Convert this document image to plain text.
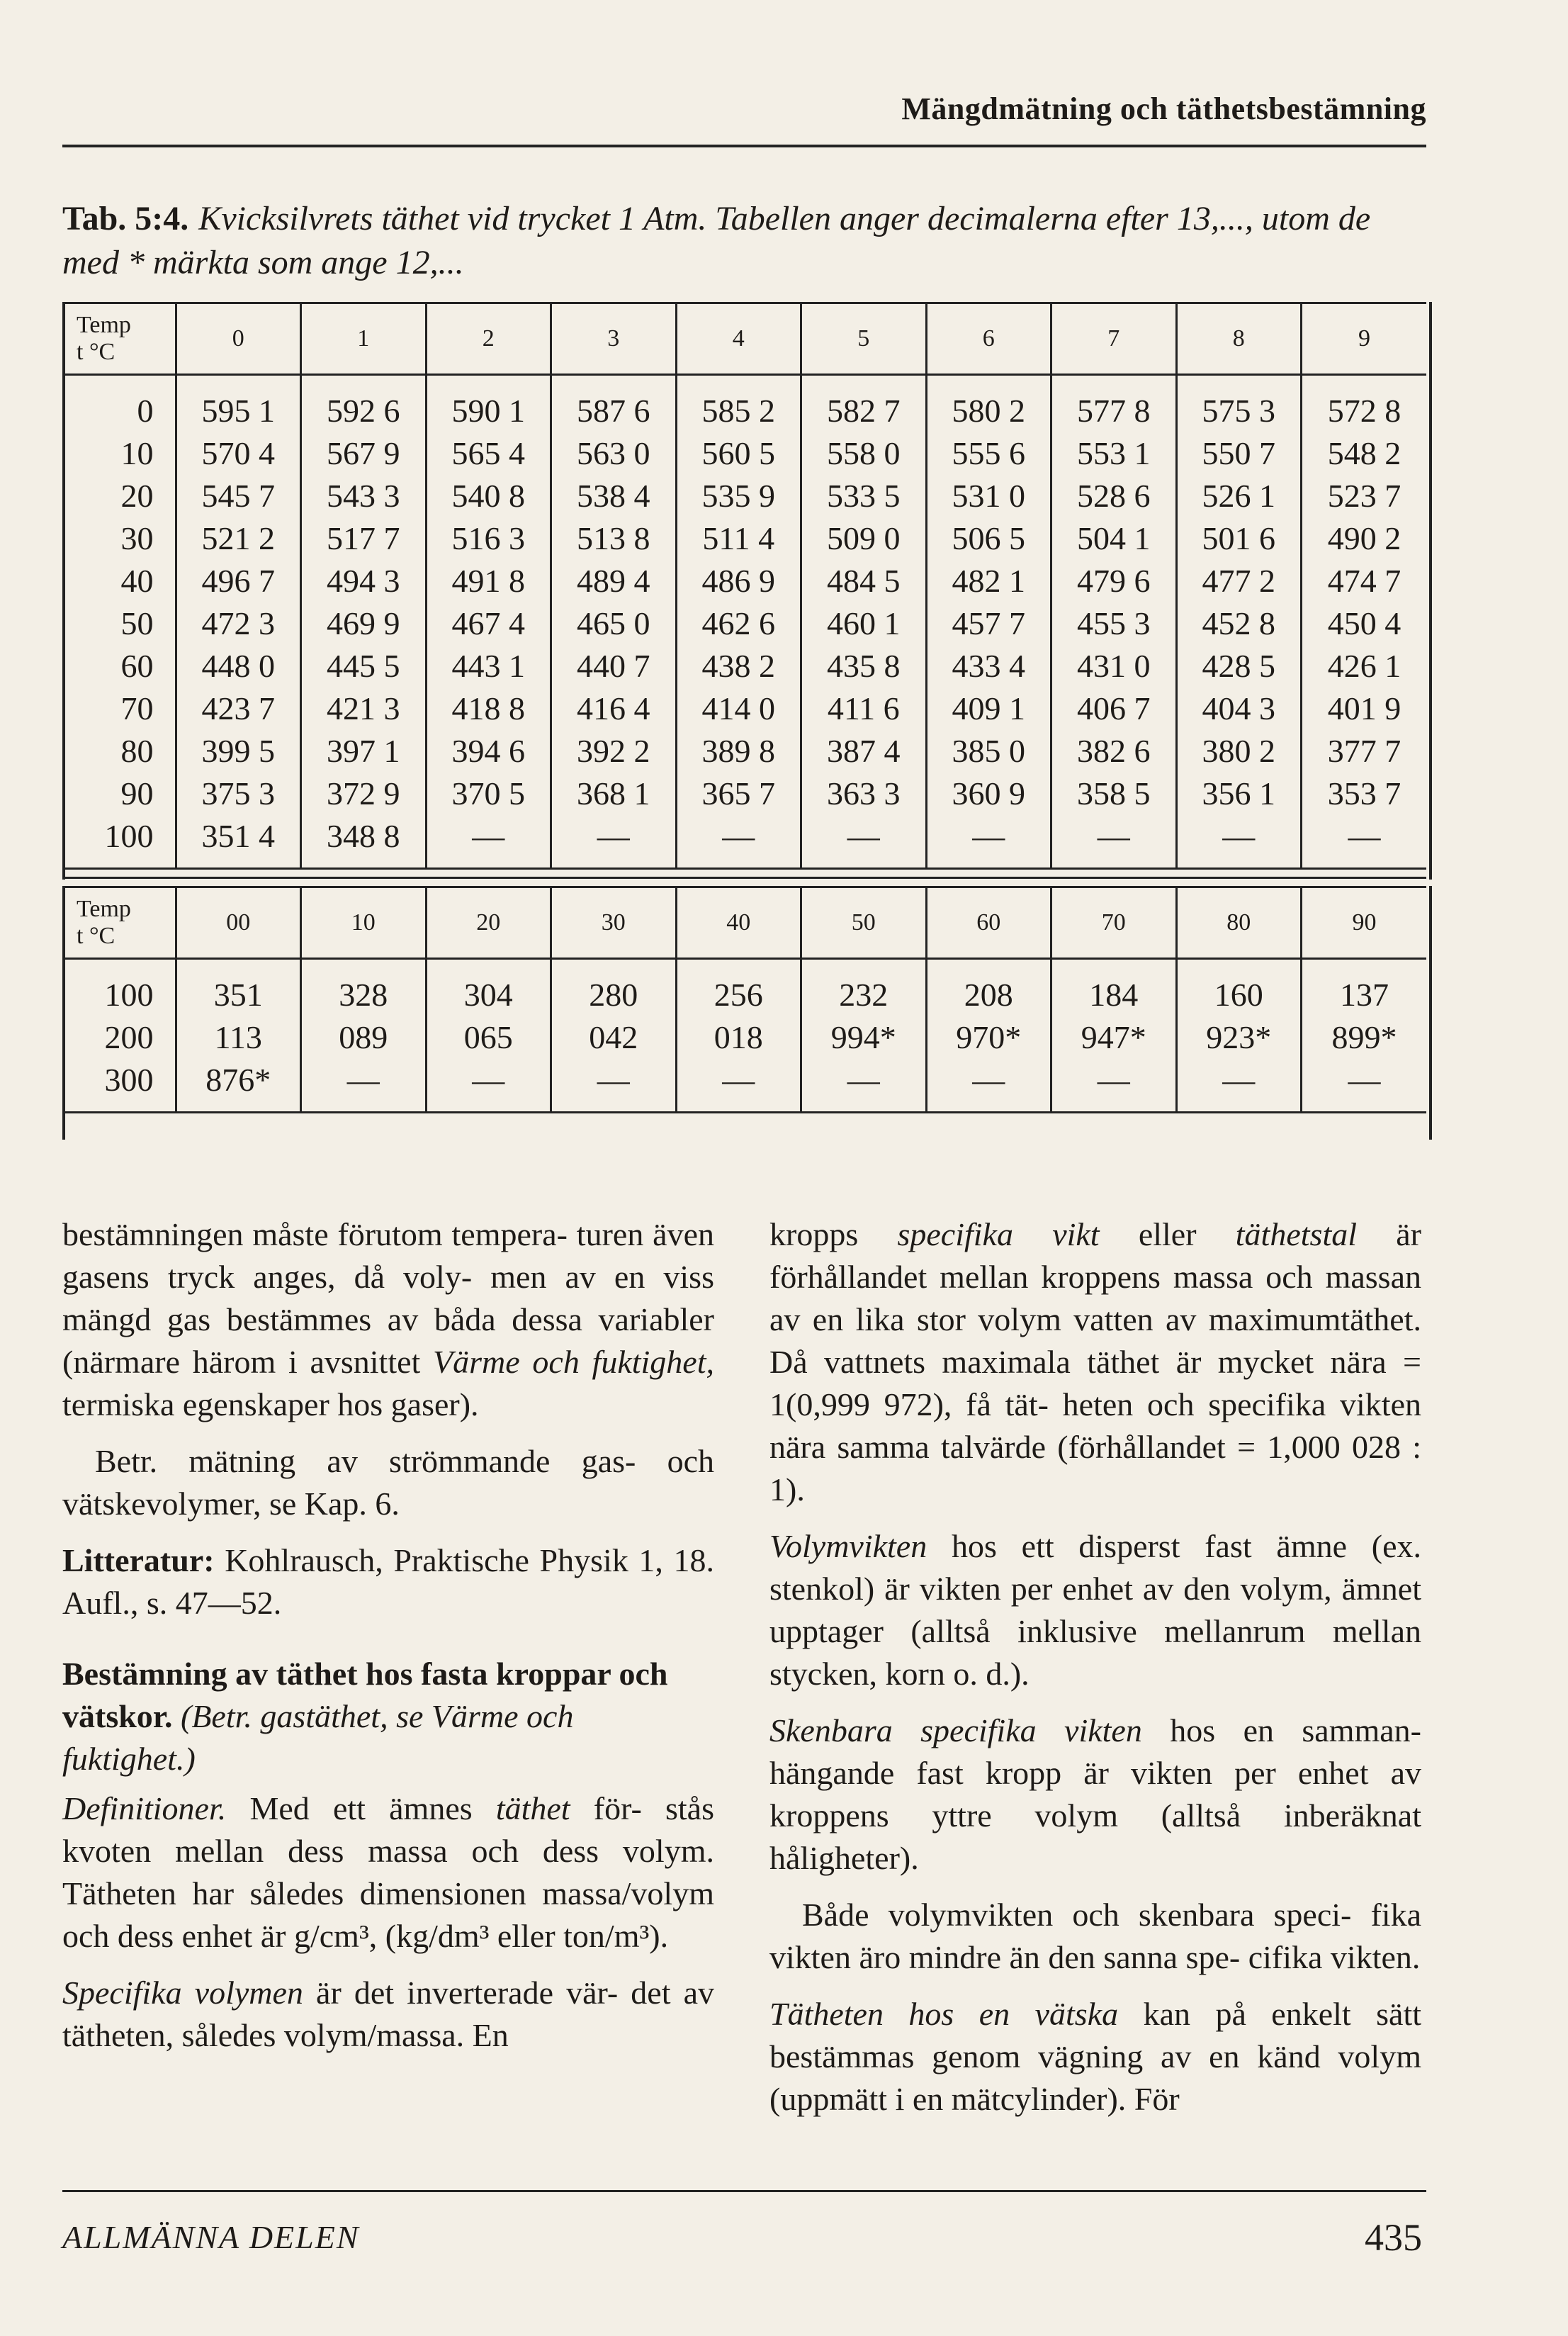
Mängdmätning och täthetsbestämning
Tab. 5:4. Kvicksilvrets täthet vid trycket 1 Atm. Tabellen anger decimalerna efter 13,..., utom de med * märkta som ange 12,...
Temp
t °C	0	1	2	3	4	5	6	7	8	9

0	595 1	592 6	590 1	587 6	585 2	582 7	580 2	577 8	575 3	572 8
10	570 4	567 9	565 4	563 0	560 5	558 0	555 6	553 1	550 7	548 2
20	545 7	543 3	540 8	538 4	535 9	533 5	531 0	528 6	526 1	523 7
30	521 2	517 7	516 3	513 8	511 4	509 0	506 5	504 1	501 6	490 2
40	496 7	494 3	491 8	489 4	486 9	484 5	482 1	479 6	477 2	474 7
50	472 3	469 9	467 4	465 0	462 6	460 1	457 7	455 3	452 8	450 4
60	448 0	445 5	443 1	440 7	438 2	435 8	433 4	431 0	428 5	426 1
70	423 7	421 3	418 8	416 4	414 0	411 6	409 1	406 7	404 3	401 9
80	399 5	397 1	394 6	392 2	389 8	387 4	385 0	382 6	380 2	377 7
90	375 3	372 9	370 5	368 1	365 7	363 3	360 9	358 5	356 1	353 7
100	351 4	348 8	—	—	—	—	—	—	—	—

Temp
t °C	00	10	20	30	40	50	60	70	80	90

100	351	328	304	280	256	232	208	184	160	137
200	113	089	065	042	018	994*	970*	947*	923*	899*
300	876*	—	—	—	—	—	—	—	—	—

bestämningen måste förutom tempera- turen även gasens tryck anges, då voly- men av en viss mängd gas bestämmes av båda dessa variabler (närmare härom i avsnittet Värme och fuktighet, termiska egenskaper hos gaser).

Betr. mätning av strömmande gas- och vätskevolymer, se Kap. 6.

Litteratur: Kohlrausch, Praktische Physik 1, 18. Aufl., s. 47—52.

Bestämning av täthet hos fasta kroppar och vätskor. (Betr. gastäthet, se Värme och fuktighet.)

Definitioner. Med ett ämnes täthet för- stås kvoten mellan dess massa och dess volym. Tätheten har således dimensionen massa/volym och dess enhet är g/cm³, (kg/dm³ eller ton/m³).

Specifika volymen är det inverterade vär- det av tätheten, således volym/massa. En

kropps specifika vikt eller täthetstal är förhållandet mellan kroppens massa och massan av en lika stor volym vatten av maximumtäthet. Då vattnets maximala täthet är mycket nära = 1(0,999 972), få tät- heten och specifika vikten nära samma talvärde (förhållandet = 1,000 028 : 1).

Volymvikten hos ett disperst fast ämne (ex. stenkol) är vikten per enhet av den volym, ämnet upptager (alltså inklusive mellanrum mellan stycken, korn o. d.).

Skenbara specifika vikten hos en samman- hängande fast kropp är vikten per enhet av kroppens yttre volym (alltså inberäknat håligheter).

Både volymvikten och skenbara speci- fika vikten äro mindre än den sanna spe- cifika vikten.

Tätheten hos en vätska kan på enkelt sätt bestämmas genom vägning av en känd volym (uppmätt i en mätcylinder). För

ALLMÄNNA DELEN	435
